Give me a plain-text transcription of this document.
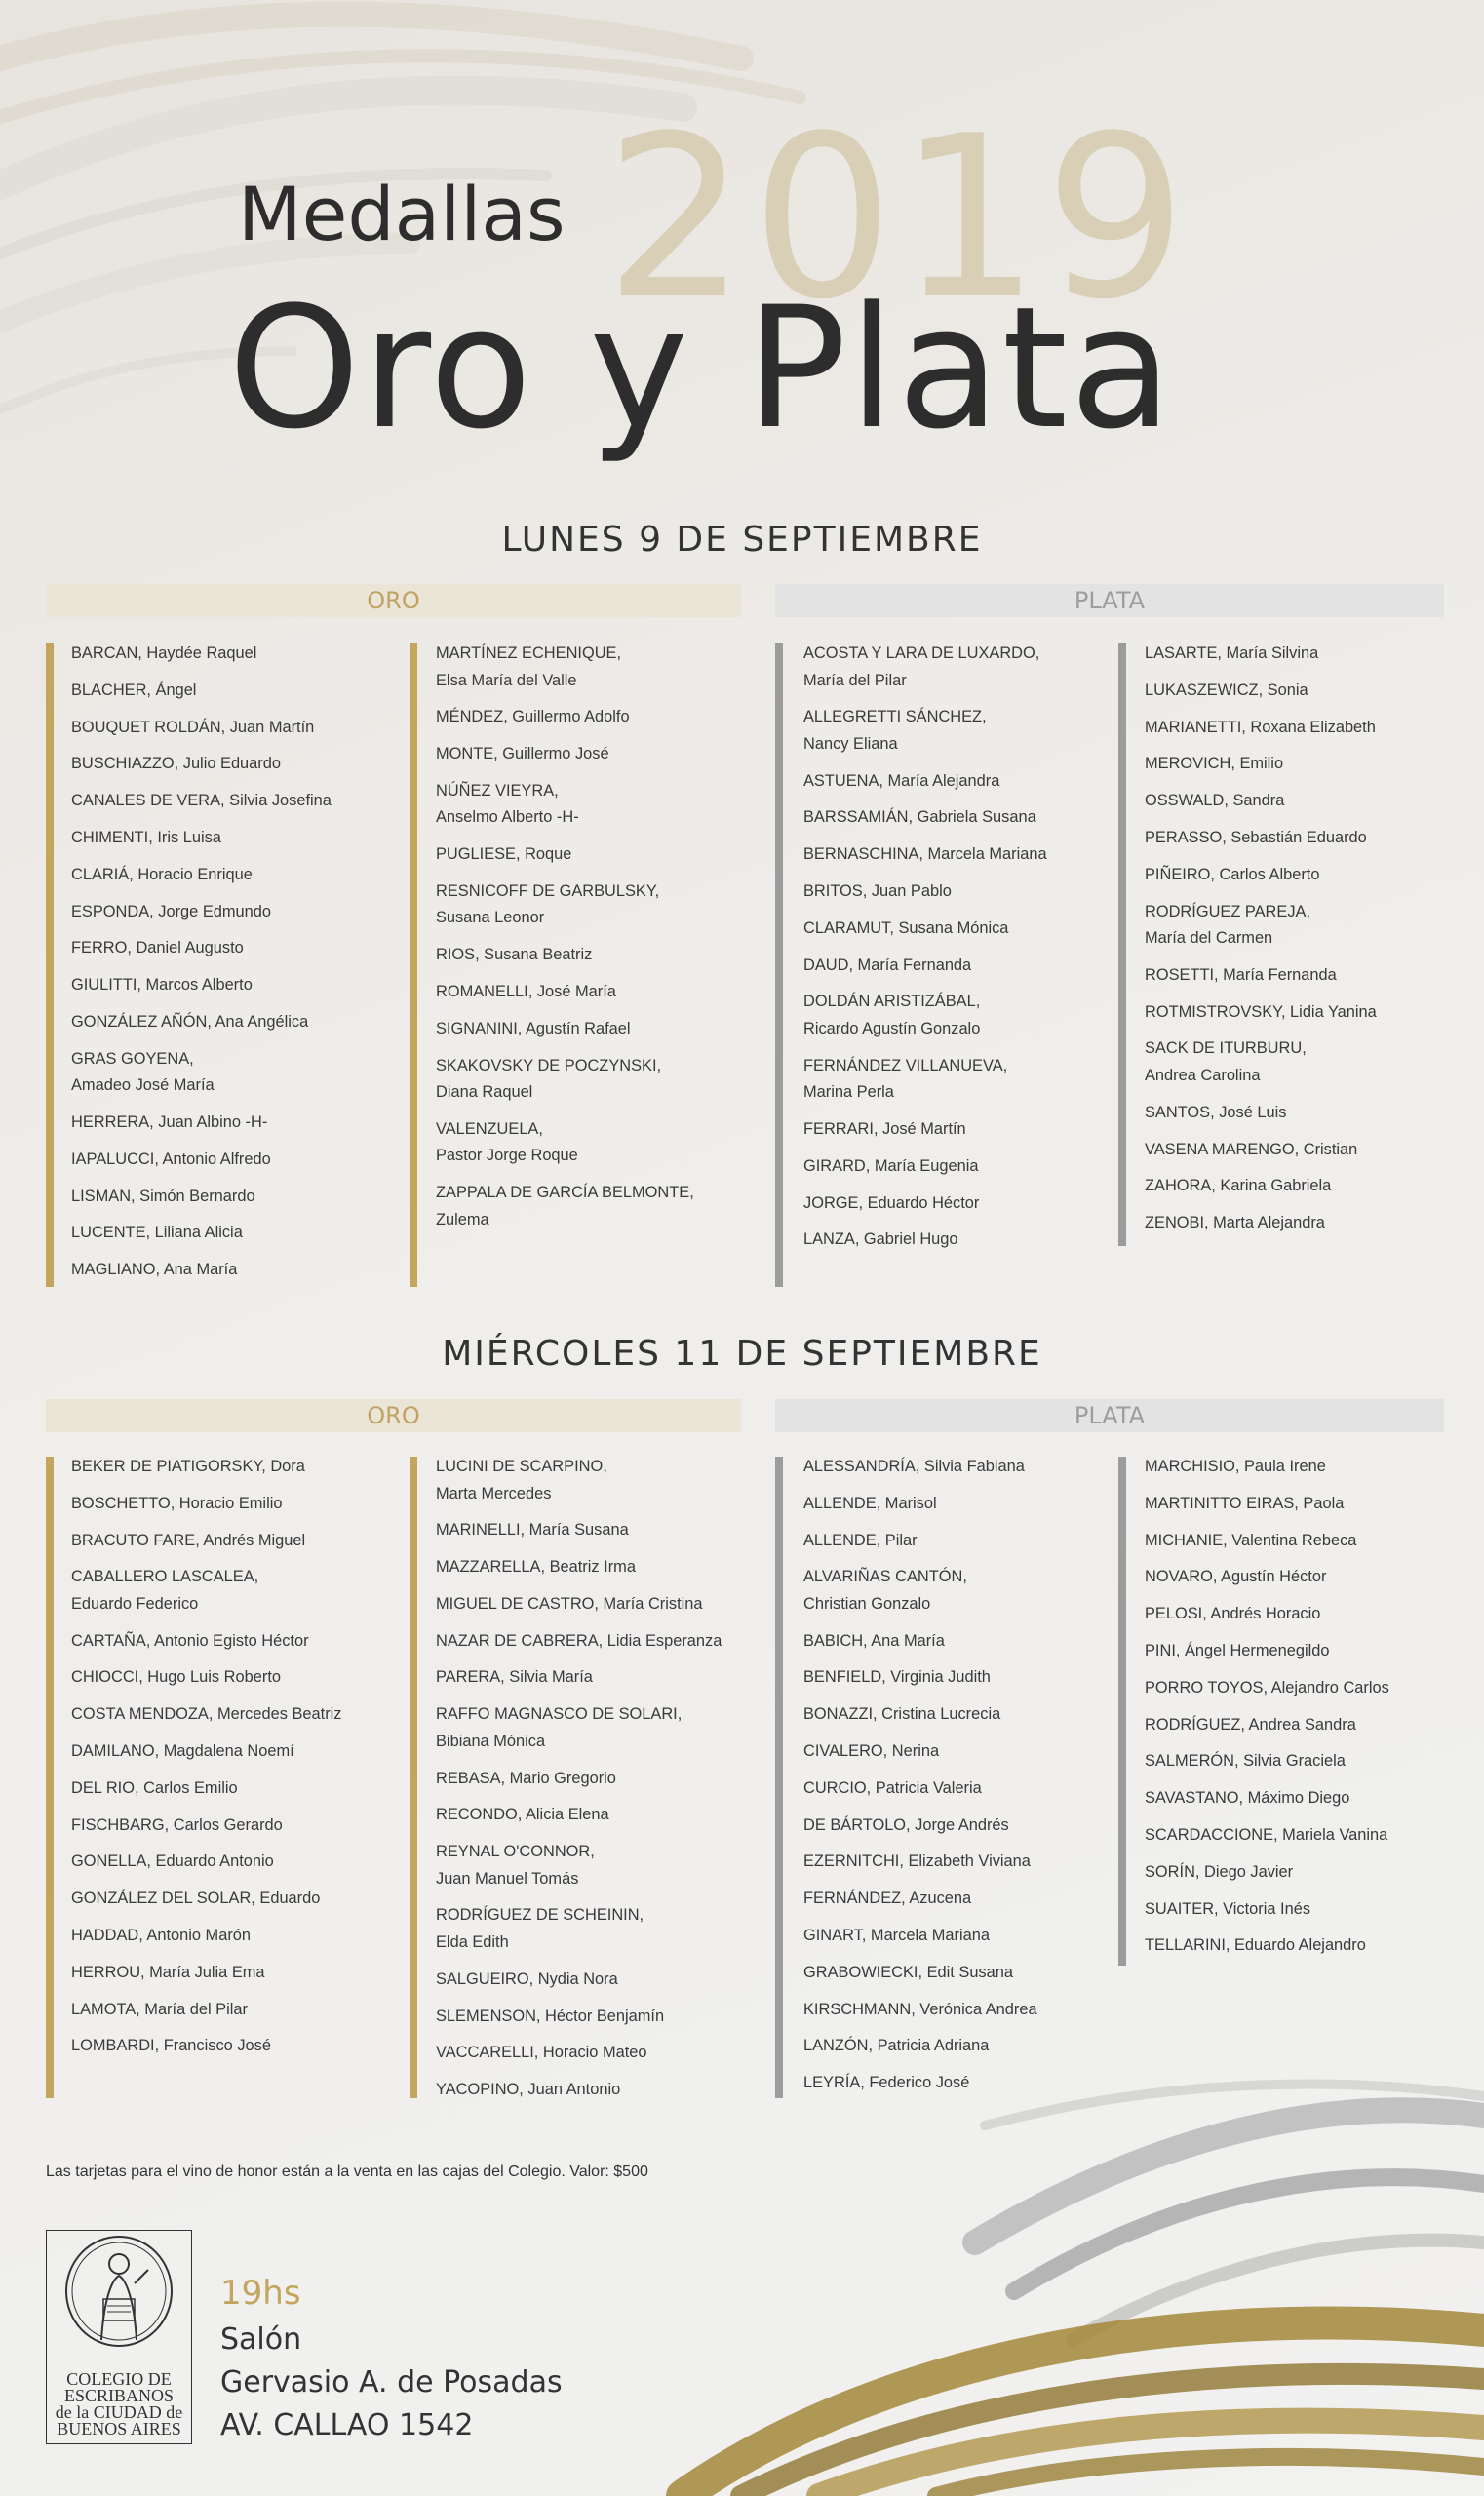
2019
Medallas
Oro y Plata
LUNES 9 DE SEPTIEMBRE
ORO	PLATA
BARCAN, Haydée Raquel
BLACHER, Ángel
BOUQUET ROLDÁN, Juan Martín
BUSCHIAZZO, Julio Eduardo
CANALES DE VERA, Silvia Josefina
CHIMENTI, Iris Luisa
CLARIÁ, Horacio Enrique
ESPONDA, Jorge Edmundo
FERRO, Daniel Augusto
GIULITTI, Marcos Alberto
GONZÁLEZ AÑÓN, Ana Angélica
GRAS GOYENA,
Amadeo José María
HERRERA, Juan Albino -H-
IAPALUCCI, Antonio Alfredo
LISMAN, Simón Bernardo
LUCENTE, Liliana Alicia
MAGLIANO, Ana María
MARTÍNEZ ECHENIQUE,
Elsa María del Valle
MÉNDEZ, Guillermo Adolfo
MONTE, Guillermo José
NÚÑEZ VIEYRA,
Anselmo Alberto -H-
PUGLIESE, Roque
RESNICOFF DE GARBULSKY,
Susana Leonor
RIOS, Susana Beatriz
ROMANELLI, José María
SIGNANINI, Agustín Rafael
SKAKOVSKY DE POCZYNSKI,
Diana Raquel
VALENZUELA,
Pastor Jorge Roque
ZAPPALA DE GARCÍA BELMONTE,
Zulema
ACOSTA Y LARA DE LUXARDO,
María del Pilar
ALLEGRETTI SÁNCHEZ,
Nancy Eliana
ASTUENA, María Alejandra
BARSSAMIÁN, Gabriela Susana
BERNASCHINA, Marcela Mariana
BRITOS, Juan Pablo
CLARAMUT, Susana Mónica
DAUD, María Fernanda
DOLDÁN ARISTIZÁBAL,
Ricardo Agustín Gonzalo
FERNÁNDEZ VILLANUEVA,
Marina Perla
FERRARI, José Martín
GIRARD, María Eugenia
JORGE, Eduardo Héctor
LANZA, Gabriel Hugo
LASARTE, María Silvina
LUKASZEWICZ, Sonia
MARIANETTI, Roxana Elizabeth
MEROVICH, Emilio
OSSWALD, Sandra
PERASSO, Sebastián Eduardo
PIÑEIRO, Carlos Alberto
RODRÍGUEZ PAREJA,
María del Carmen
ROSETTI, María Fernanda
ROTMISTROVSKY, Lidia Yanina
SACK DE ITURBURU,
Andrea Carolina
SANTOS, José Luis
VASENA MARENGO, Cristian
ZAHORA, Karina Gabriela
ZENOBI, Marta Alejandra
MIÉRCOLES 11 DE SEPTIEMBRE
ORO	PLATA
BEKER DE PIATIGORSKY, Dora
BOSCHETTO, Horacio Emilio
BRACUTO FARE, Andrés Miguel
CABALLERO LASCALEA,
Eduardo Federico
CARTAÑA, Antonio Egisto Héctor
CHIOCCI, Hugo Luis Roberto
COSTA MENDOZA, Mercedes Beatriz
DAMILANO, Magdalena Noemí
DEL RIO, Carlos Emilio
FISCHBARG, Carlos Gerardo
GONELLA, Eduardo Antonio
GONZÁLEZ DEL SOLAR, Eduardo
HADDAD, Antonio Marón
HERROU, María Julia Ema
LAMOTA, María del Pilar
LOMBARDI, Francisco José
LUCINI DE SCARPINO,
Marta Mercedes
MARINELLI, María Susana
MAZZARELLA, Beatriz Irma
MIGUEL DE CASTRO, María Cristina
NAZAR DE CABRERA, Lidia Esperanza
PARERA, Silvia María
RAFFO MAGNASCO DE SOLARI,
Bibiana Mónica
REBASA, Mario Gregorio
RECONDO, Alicia Elena
REYNAL O'CONNOR,
Juan Manuel Tomás
RODRÍGUEZ DE SCHEININ,
Elda Edith
SALGUEIRO, Nydia Nora
SLEMENSON, Héctor Benjamín
VACCARELLI, Horacio Mateo
YACOPINO, Juan Antonio
ALESSANDRÍA, Silvia Fabiana
ALLENDE, Marisol
ALLENDE, Pilar
ALVARIÑAS CANTÓN,
Christian Gonzalo
BABICH, Ana María
BENFIELD, Virginia Judith
BONAZZI, Cristina Lucrecia
CIVALERO, Nerina
CURCIO, Patricia Valeria
DE BÁRTOLO, Jorge Andrés
EZERNITCHI, Elizabeth Viviana
FERNÁNDEZ, Azucena
GINART, Marcela Mariana
GRABOWIECKI, Edit Susana
KIRSCHMANN, Verónica Andrea
LANZÓN, Patricia Adriana
LEYRÍA, Federico José
MARCHISIO, Paula Irene
MARTINITTO EIRAS, Paola
MICHANIE, Valentina Rebeca
NOVARO, Agustín Héctor
PELOSI, Andrés Horacio
PINI, Ángel Hermenegildo
PORRO TOYOS, Alejandro Carlos
RODRÍGUEZ, Andrea Sandra
SALMERÓN, Silvia Graciela
SAVASTANO, Máximo Diego
SCARDACCIONE, Mariela Vanina
SORÍN, Diego Javier
SUAITER, Victoria Inés
TELLARINI, Eduardo Alejandro
Las tarjetas para el vino de honor están a la venta en las cajas del Colegio. Valor: $500
COLEGIO DE
ESCRIBANOS
de la CIUDAD de
BUENOS AIRES
19hs
Salón
Gervasio A. de Posadas
AV. CALLAO 1542
